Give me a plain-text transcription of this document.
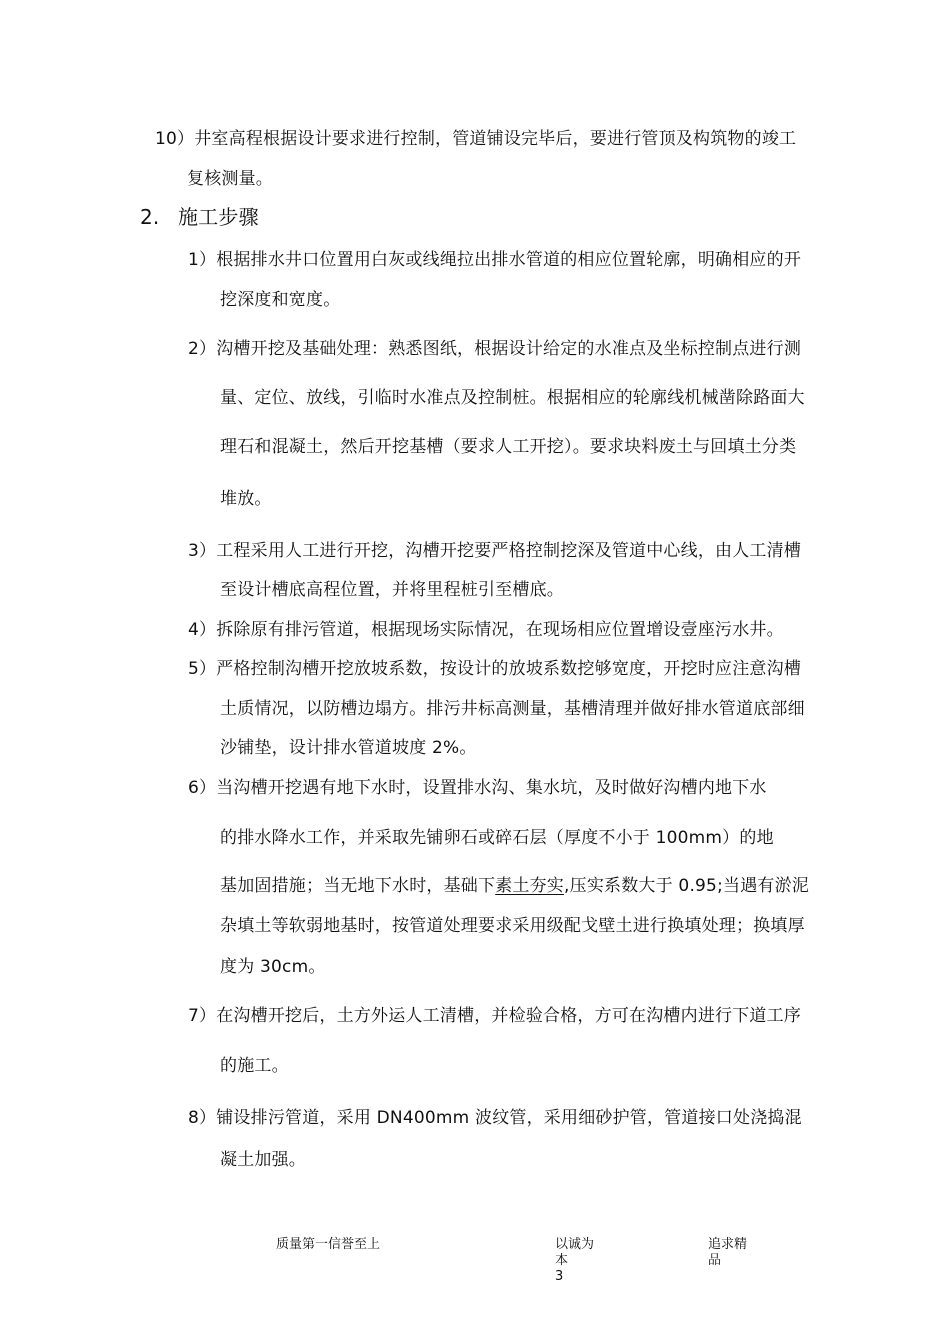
10）井室高程根据设计要求进行控制，管道铺设完毕后，要进行管顶及构筑物的竣工
复核测量。
2. 施工步骤
1）根据排水井口位置用白灰或线绳拉出排水管道的相应位置轮廓，明确相应的开
挖深度和宽度。
2）沟槽开挖及基础处理：熟悉图纸，根据设计给定的水准点及坐标控制点进行测
量、定位、放线，引临时水准点及控制桩。根据相应的轮廓线机械凿除路面大
理石和混凝土，然后开挖基槽（要求人工开挖）。要求块料废土与回填土分类
堆放。
3）工程采用人工进行开挖，沟槽开挖要严格控制挖深及管道中心线，由人工清槽
至设计槽底高程位置，并将里程桩引至槽底。
4）拆除原有排污管道，根据现场实际情况，在现场相应位置增设壹座污水井。
5）严格控制沟槽开挖放坡系数，按设计的放坡系数挖够宽度，开挖时应注意沟槽
土质情况，以防槽边塌方。排污井标高测量，基槽清理并做好排水管道底部细
沙铺垫，设计排水管道坡度 2%。
6）当沟槽开挖遇有地下水时，设置排水沟、集水坑，及时做好沟槽内地下水
的排水降水工作，并采取先铺卵石或碎石层（厚度不小于 100mm）的地
基加固措施；当无地下水时，基础下素土夯实,压实系数大于 0.95;当遇有淤泥
杂填土等软弱地基时，按管道处理要求采用级配戈壁土进行换填处理；换填厚
度为 30cm。
7）在沟槽开挖后，土方外运人工清槽，并检验合格，方可在沟槽内进行下道工序
的施工。
8）铺设排污管道，采用 DN400mm 波纹管，采用细砂护管，管道接口处浇捣混
凝土加强。
质量第一信誉至上	以诚为
本
3
追求精
品
